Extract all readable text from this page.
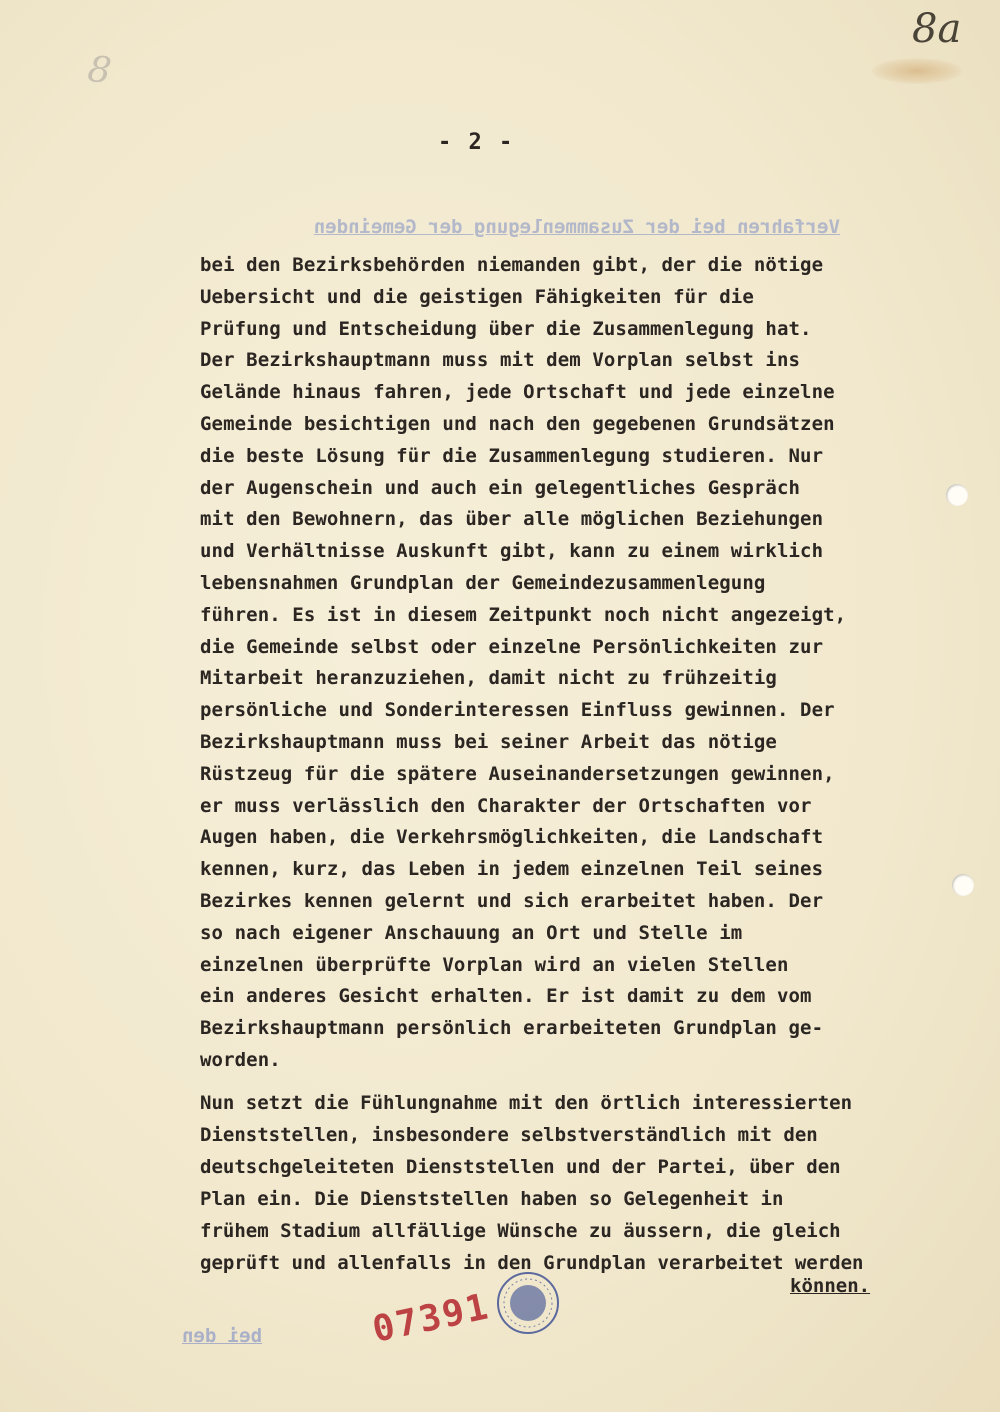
8a
8
- 2 -
Verfahren bei der Zusammenlegung der Gemeinden
bei den Bezirksbehörden niemanden gibt, der die nötige
Uebersicht und die geistigen Fähigkeiten für die
Prüfung und Entscheidung über die Zusammenlegung hat.
Der Bezirkshauptmann muss mit dem Vorplan selbst ins
Gelände hinaus fahren, jede Ortschaft und jede einzelne
Gemeinde besichtigen und nach den gegebenen Grundsätzen
die beste Lösung für die Zusammenlegung studieren. Nur
der Augenschein und auch ein gelegentliches Gespräch
mit den Bewohnern, das über alle möglichen Beziehungen
und Verhältnisse Auskunft gibt, kann zu einem wirklich
lebensnahmen Grundplan der Gemeindezusammenlegung
führen. Es ist in diesem Zeitpunkt noch nicht angezeigt,
die Gemeinde selbst oder einzelne Persönlichkeiten zur
Mitarbeit heranzuziehen, damit nicht zu frühzeitig
persönliche und Sonderinteressen Einfluss gewinnen. Der
Bezirkshauptmann muss bei seiner Arbeit das nötige
Rüstzeug für die spätere Auseinandersetzungen gewinnen,
er muss verlässlich den Charakter der Ortschaften vor
Augen haben, die Verkehrsmöglichkeiten, die Landschaft
kennen, kurz, das Leben in jedem einzelnen Teil seines
Bezirkes kennen gelernt und sich erarbeitet haben. Der
so nach eigener Anschauung an Ort und Stelle im
einzelnen überprüfte Vorplan wird an vielen Stellen
ein anderes Gesicht erhalten. Er ist damit zu dem vom
Bezirkshauptmann persönlich erarbeiteten Grundplan ge-
worden.
Nun setzt die Fühlungnahme mit den örtlich interessierten
Dienststellen, insbesondere selbstverständlich mit den
deutschgeleiteten Dienststellen und der Partei, über den
Plan ein. Die Dienststellen haben so Gelegenheit in
frühem Stadium allfällige Wünsche zu äussern, die gleich
geprüft und allenfalls in den Grundplan verarbeitet werden
können.
bei den	07391
